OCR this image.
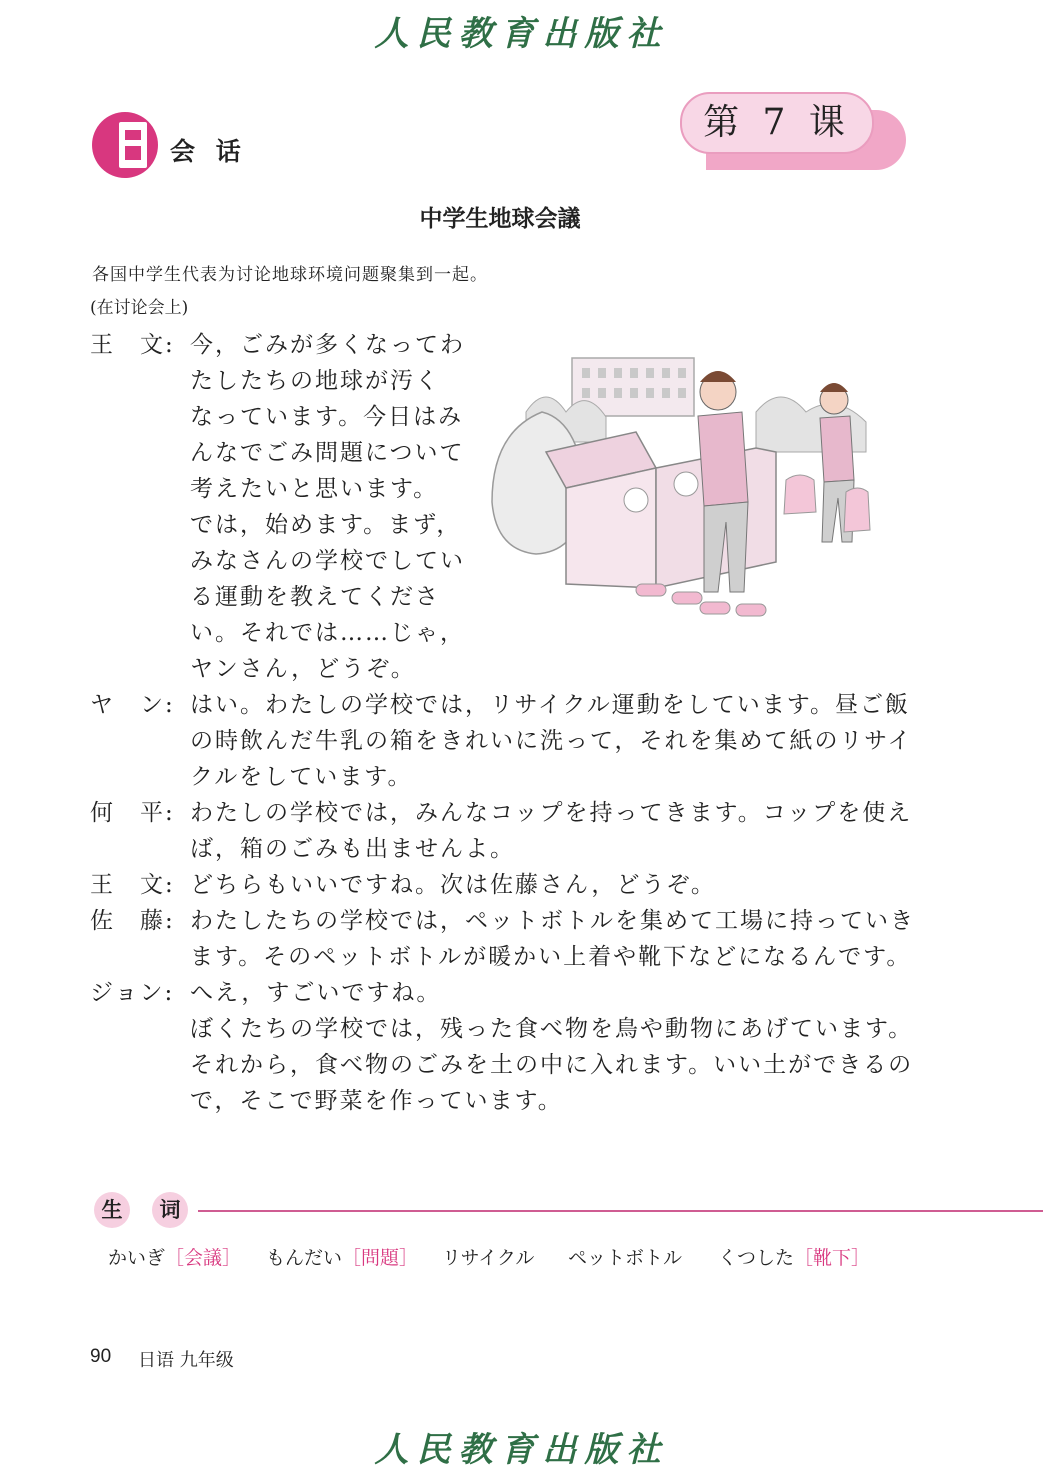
人民教育出版社
会 话
第 7 课
中学生地球会議
各国中学生代表为讨论地球环境问题聚集到一起。
(在讨论会上)
王　文: 今，ごみが多くなってわ
たしたちの地球が汚く
なっています。今日はみ
んなでごみ問題について
考えたいと思います。
では，始めます。まず，
みなさんの学校でしてい
る運動を教えてくださ
い。それでは……じゃ，
ヤンさん，どうぞ。
ヤ　ン: はい。わたしの学校では，リサイクル運動をしています。昼ご飯
の時飲んだ牛乳の箱をきれいに洗って，それを集めて紙のリサイ
クルをしています。
何　平: わたしの学校では，みんなコップを持ってきます。コップを使え
ば，箱のごみも出ませんよ。
王　文: どちらもいいですね。次は佐藤さん，どうぞ。
佐　藤: わたしたちの学校では，ペットボトルを集めて工場に持っていき
ます。そのペットボトルが暖かい上着や靴下などになるんです。
ジョン: へえ，すごいですね。
ぼくたちの学校では，残った食べ物を鳥や動物にあげています。
それから，食べ物のごみを土の中に入れます。いい土ができるの
で，そこで野菜を作っています。
生	词
かいぎ［会議］ もんだい［問題］ リサイクル ペットボトル くつした［靴下］
90 日语 九年级
人民教育出版社
